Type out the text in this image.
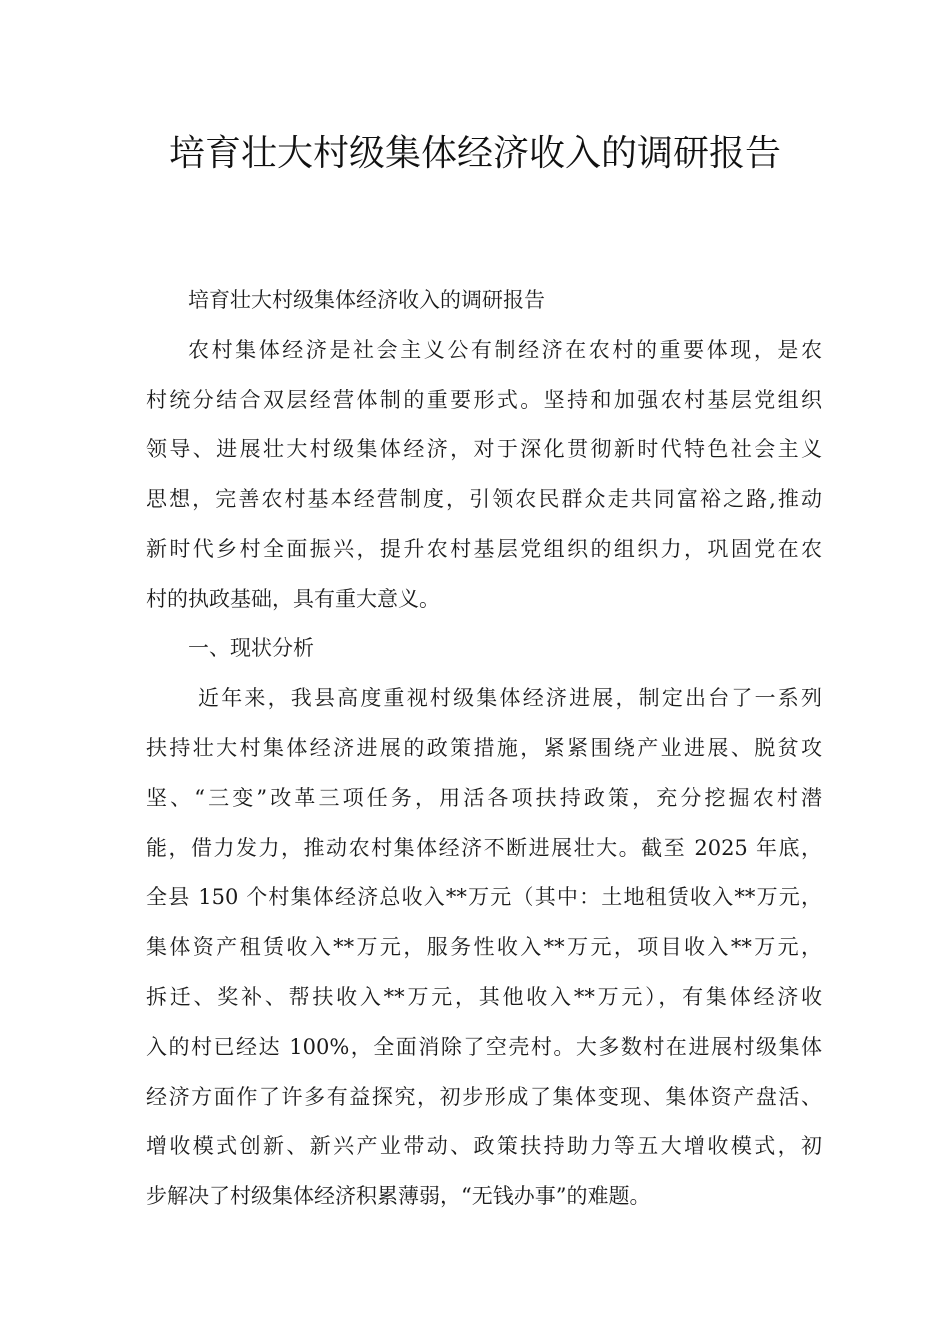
培育壮大村级集体经济收入的调研报告
培育壮大村级集体经济收入的调研报告
农村集体经济是社会主义公有制经济在农村的重要体现，是农
村统分结合双层经营体制的重要形式。坚持和加强农村基层党组织
领导、进展壮大村级集体经济，对于深化贯彻新时代特色社会主义
思想，完善农村基本经营制度，引领农民群众走共同富裕之路,推动
新时代乡村全面振兴，提升农村基层党组织的组织力，巩固党在农
村的执政基础，具有重大意义。
一、现状分析
近年来，我县高度重视村级集体经济进展，制定出台了一系列
扶持壮大村集体经济进展的政策措施，紧紧围绕产业进展、脱贫攻
坚、“三变”改革三项任务，用活各项扶持政策，充分挖掘农村潜
能，借力发力，推动农村集体经济不断进展壮大。截至 2025 年底，
全县 150 个村集体经济总收入**万元（其中：土地租赁收入**万元，
集体资产租赁收入**万元，服务性收入**万元，项目收入**万元，
拆迁、奖补、帮扶收入**万元，其他收入**万元），有集体经济收
入的村已经达 100%，全面消除了空壳村。大多数村在进展村级集体
经济方面作了许多有益探究，初步形成了集体变现、集体资产盘活、
增收模式创新、新兴产业带动、政策扶持助力等五大增收模式，初
步解决了村级集体经济积累薄弱，“无钱办事”的难题。
